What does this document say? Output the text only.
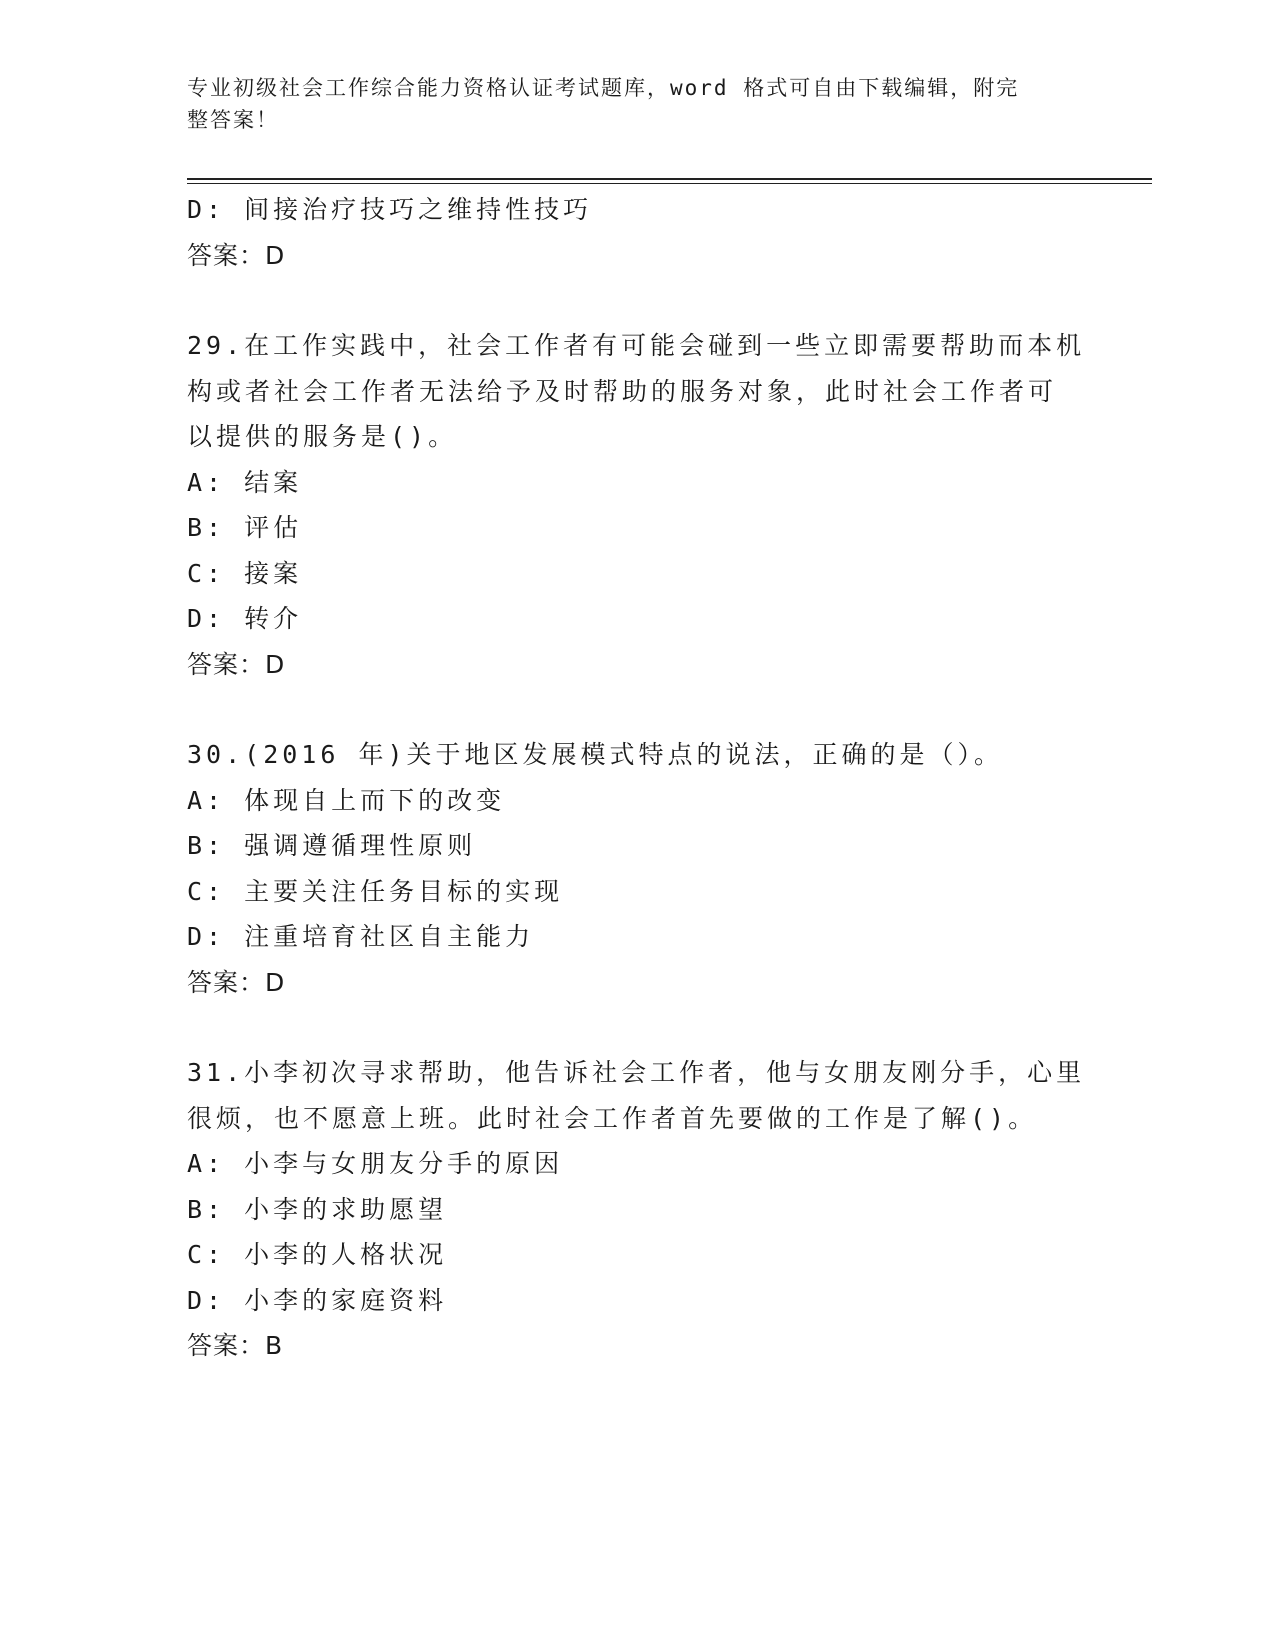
专业初级社会工作综合能力资格认证考试题库，word 格式可自由下载编辑，附完
整答案！
D: 间接治疗技巧之维持性技巧
答案：D
29.在工作实践中，社会工作者有可能会碰到一些立即需要帮助而本机
构或者社会工作者无法给予及时帮助的服务对象，此时社会工作者可
以提供的服务是()。
A: 结案
B: 评估
C: 接案
D: 转介
答案：D
30.(2016 年)关于地区发展模式特点的说法，正确的是（）。
A: 体现自上而下的改变
B: 强调遵循理性原则
C: 主要关注任务目标的实现
D: 注重培育社区自主能力
答案：D
31.小李初次寻求帮助，他告诉社会工作者，他与女朋友刚分手，心里
很烦，也不愿意上班。此时社会工作者首先要做的工作是了解()。
A: 小李与女朋友分手的原因
B: 小李的求助愿望
C: 小李的人格状况
D: 小李的家庭资料
答案：B
